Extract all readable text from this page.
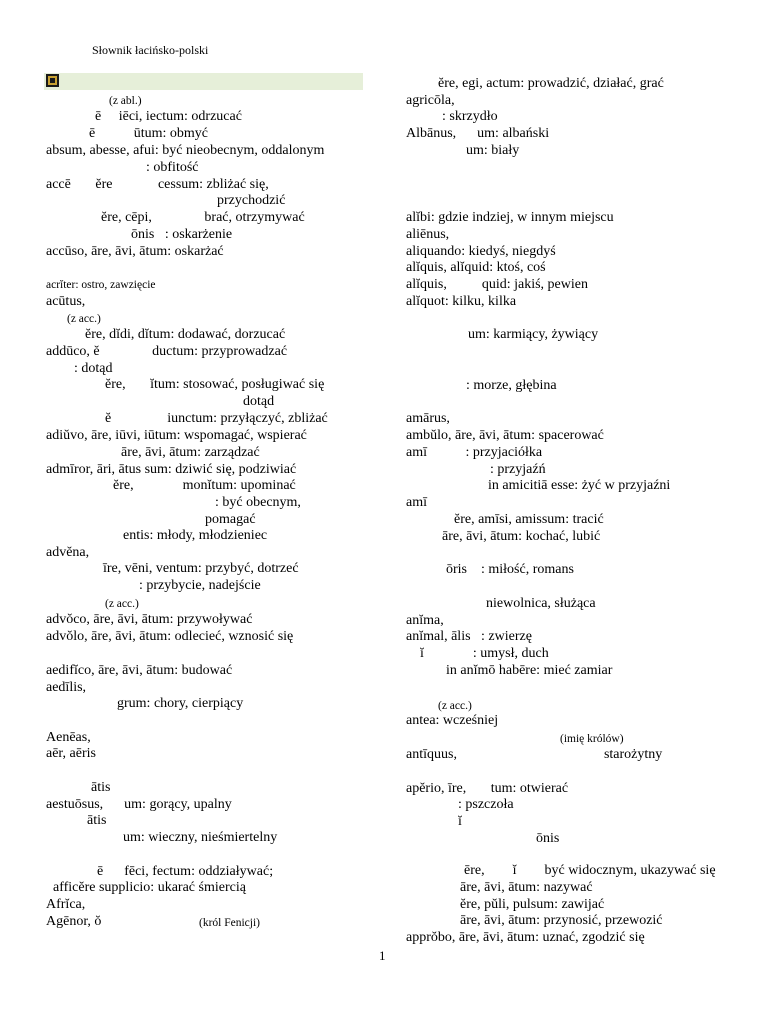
Słownik łacińsko-polski
(z abl.)
ē     iēci, iectum: odrzucać
ē           ūtum: obmyć
absum, abesse, afui: być nieobecnym, oddalonym
: obfitość
accē       ĕre             cessum: zbliżać się,
przychodzić
ĕre, cēpi,               brać, otrzymywać
ōnis   : oskarżenie
accūso, āre, āvi, ātum: oskarżać
acrĭter: ostro, zawzięcie
acūtus,
(z acc.)
ĕre, dĭdi, dĭtum: dodawać, dorzucać
addūco, ĕ               ductum: przyprowadzać
: dotąd
ĕre,       ĭtum: stosować, posługiwać się
dotąd
ĕ                iunctum: przyłączyć, zbliżać
adiŭvo, āre, iūvi, iūtum: wspomagać, wspierać
āre, āvi, ātum: zarządzać
admīror, āri, ātus sum: dziwić się, podziwiać
ĕre,              monĭtum: upominać
: być obecnym,
pomagać
entis: młody, młodzieniec
advĕna,
īre, vēni, ventum: przybyć, dotrzeć
: przybycie, nadejście
(z acc.)
advŏco, āre, āvi, ātum: przywoływać
advŏlo, āre, āvi, ātum: odlecieć, wznosić się
aedifĭco, āre, āvi, ātum: budować
aedīlis,
grum: chory, cierpiący
Aenēas,
aēr, aēris
ātis
aestuōsus,      um: gorący, upalny
ātis
um: wieczny, nieśmiertelny
ē      fēci, fectum: oddziaływać;
afficĕre supplicio: ukarać śmiercią
Afrĭca,
Agēnor, ŏ	(król Fenicji)
ĕre, egi, actum: prowadzić, działać, grać
agricōla,
: skrzydło
Albānus,      um: albański
um: biały
alĭbi: gdzie indziej, w innym miejscu
aliēnus,
aliquando: kiedyś, niegdyś
alĭquis, alĭquid: ktoś, coś
alĭquis,          quid: jakiś, pewien
alĭquot: kilku, kilka
um: karmiący, żywiący
: morze, głębina
amārus,
ambŭlo, āre, āvi, ātum: spacerować
amī           : przyjaciółka
: przyjaźń
in amicitiā esse: żyć w przyjaźni
amī
ĕre, amīsi, amissum: tracić
āre, āvi, ātum: kochać, lubić
ōris    : miłość, romans
niewolnica, służąca
anĭma,
anĭmal, ālis   : zwierzę
ĭ              : umysł, duch
in anĭmō habēre: mieć zamiar
(z acc.)
antea: wcześniej
(imię królów)
antīquus,                                          starożytny
apĕrio, īre,       tum: otwierać
: pszczoła
ĭ
ōnis
ēre,        ĭ        być widocznym, ukazywać się
āre, āvi, ātum: nazywać
ĕre, pŭli, pulsum: zawijać
āre, āvi, ātum: przynosić, przewozić
apprŏbo, āre, āvi, ātum: uznać, zgodzić się
1
